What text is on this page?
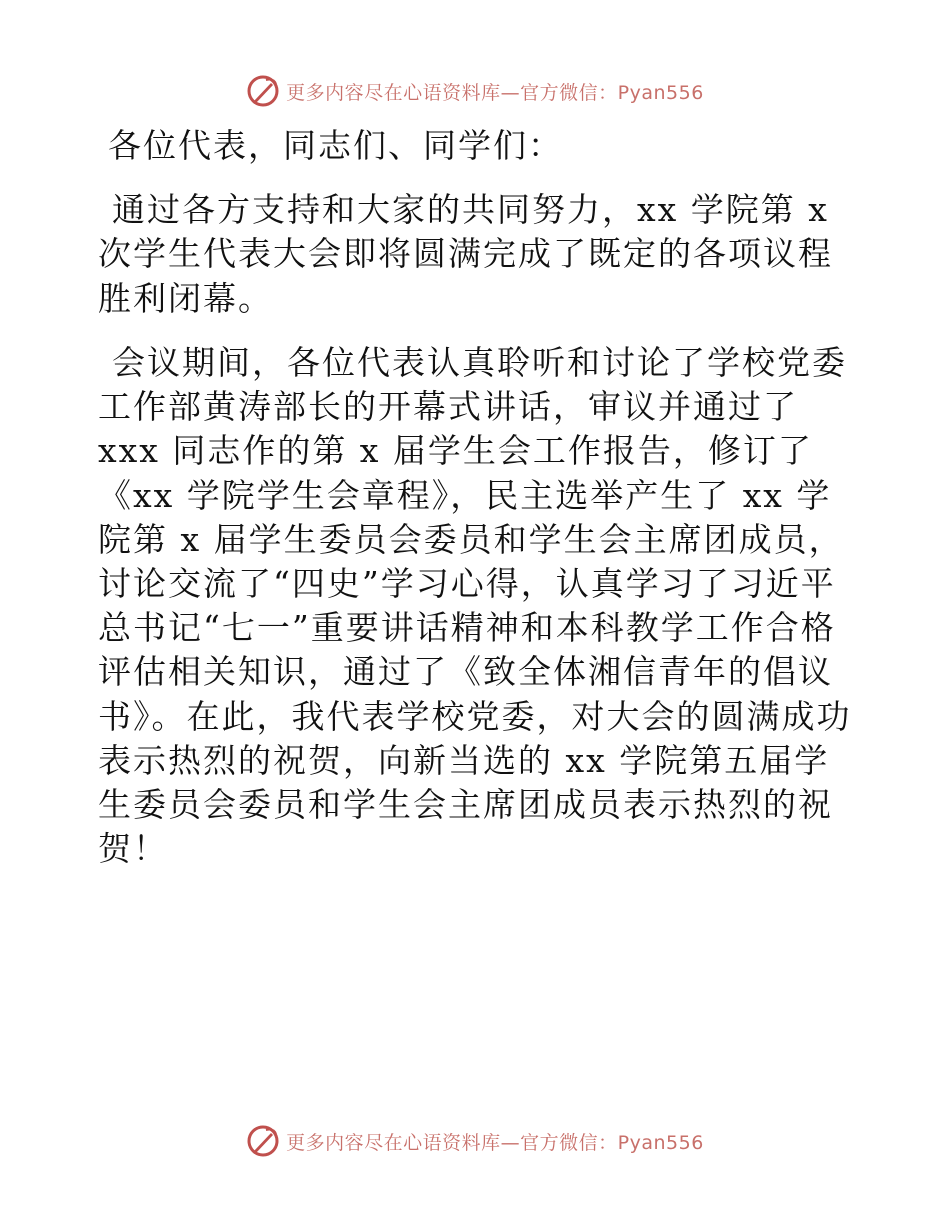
更多内容尽在心语资料库—官方微信：Pyan556

各位代表，同志们、同学们：

通过各方支持和大家的共同努力，xx 学院第 x 次学生代表大会即将圆满完成了既定的各项议程胜利闭幕。

会议期间，各位代表认真聆听和讨论了学校党委工作部黄涛部长的开幕式讲话，审议并通过了 xxx 同志作的第 x 届学生会工作报告，修订了《xx 学院学生会章程》，民主选举产生了 xx 学院第 x 届学生委员会委员和学生会主席团成员，讨论交流了“四史”学习心得，认真学习了习近平总书记“七一”重要讲话精神和本科教学工作合格评估相关知识，通过了《致全体湘信青年的倡议书》。在此，我代表学校党委，对大会的圆满成功表示热烈的祝贺，向新当选的 xx 学院第五届学生委员会委员和学生会主席团成员表示热烈的祝贺！

更多内容尽在心语资料库—官方微信：Pyan556
